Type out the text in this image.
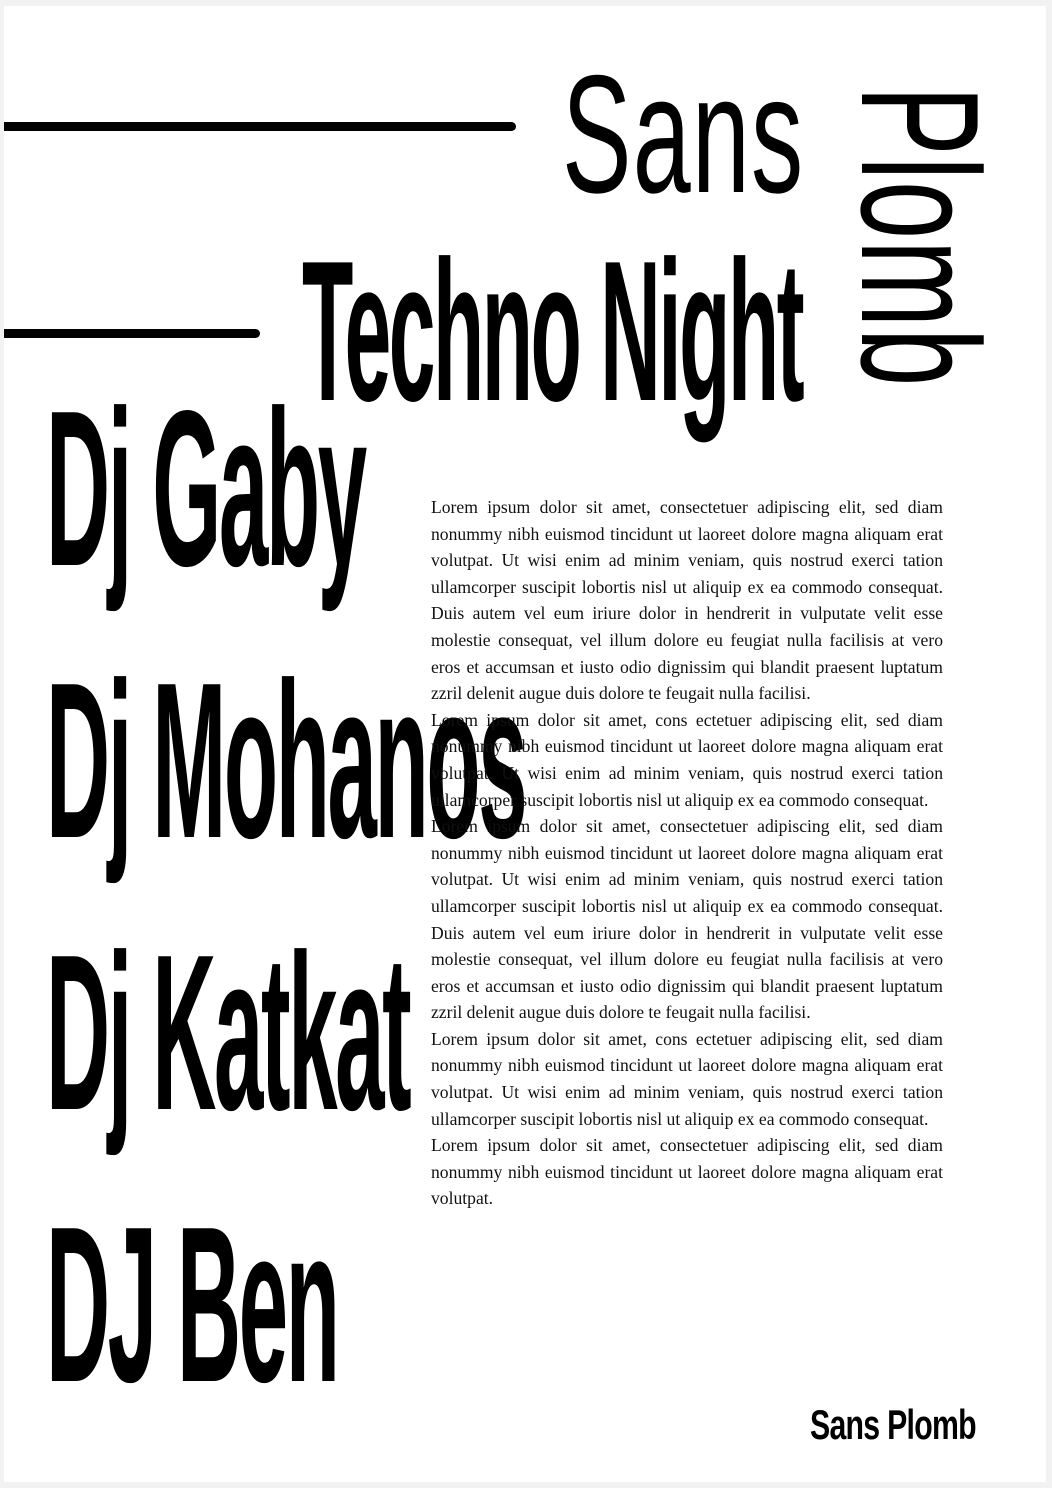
Sans Plomb
Techno Night
Dj Gaby
Dj Mohanos
Dj Katkat
DJ Ben

Lorem ipsum dolor sit amet, consectetuer adipiscing elit, sed diam nonummy nibh euismod tincidunt ut laoreet dolore magna aliquam erat volutpat. Ut wisi enim ad minim veniam, quis nostrud exerci tation ullamcorper suscipit lobortis nisl ut aliquip ex ea commodo consequat. Duis autem vel eum iriure dolor in hendrerit in vulputate velit esse molestie consequat, vel illum dolore eu feugiat nulla facilisis at vero eros et accumsan et iusto odio dignissim qui blandit praesent luptatum zzril delenit augue duis dolore te feugait nulla facilisi.

Lorem ipsum dolor sit amet, cons ectetuer adipiscing elit, sed diam nonummy nibh euismod tincidunt ut laoreet dolore magna aliquam erat volutpat. Ut wisi enim ad minim veniam, quis nostrud exerci tation ullamcorper suscipit lobortis nisl ut aliquip ex ea commodo consequat.

Lorem ipsum dolor sit amet, consectetuer adipiscing elit, sed diam nonummy nibh euismod tincidunt ut laoreet dolore magna aliquam erat volutpat. Ut wisi enim ad minim veniam, quis nostrud exerci tation ullamcorper suscipit lobortis nisl ut aliquip ex ea commodo consequat. Duis autem vel eum iriure dolor in hendrerit in vulputate velit esse molestie consequat, vel illum dolore eu feugiat nulla facilisis at vero eros et accumsan et iusto odio dignissim qui blandit praesent luptatum zzril delenit augue duis dolore te feugait nulla facilisi.

Lorem ipsum dolor sit amet, cons ectetuer adipiscing elit, sed diam nonummy nibh euismod tincidunt ut laoreet dolore magna aliquam erat volutpat. Ut wisi enim ad minim veniam, quis nostrud exerci tation ullamcorper suscipit lobortis nisl ut aliquip ex ea commodo consequat.

Lorem ipsum dolor sit amet, consectetuer adipiscing elit, sed diam nonummy nibh euismod tincidunt ut laoreet dolore magna aliquam erat volutpat.

Sans Plomb
